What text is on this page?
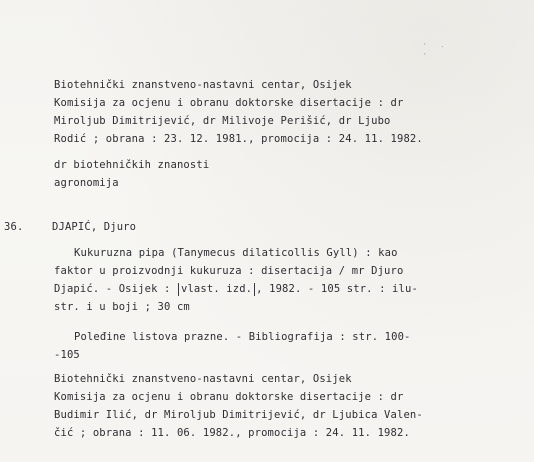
· ․ ·
Biotehnički znanstveno-nastavni centar, Osijek
Komisija za ocjenu i obranu doktorske disertacije : dr
Miroljub Dimitrijević, dr Milivoje Perišić, dr Ljubo
Rodić ; obrana : 23. 12. 1981., promocija : 24. 11. 1982.
dr biotehničkih znanosti
agronomija
36.	DJAPIĆ, Djuro
Kukuruzna pipa (Tanymecus dilaticollis Gyll) : kao
faktor u proizvodnji kukuruza : disertacija / mr Djuro
Djapić. - Osijek : vlast. izd. , 1982. - 105 str. : ilu-
str. i u boji ; 30 cm
Poleđine listova prazne. - Bibliografija : str. 100-
-105
Biotehnički znanstveno-nastavni centar, Osijek
Komisija za ocjenu i obranu doktorske disertacije : dr
Budimir Ilić, dr Miroljub Dimitrijević, dr Ljubica Valen-
čić ; obrana : 11. 06. 1982., promocija : 24. 11. 1982.
